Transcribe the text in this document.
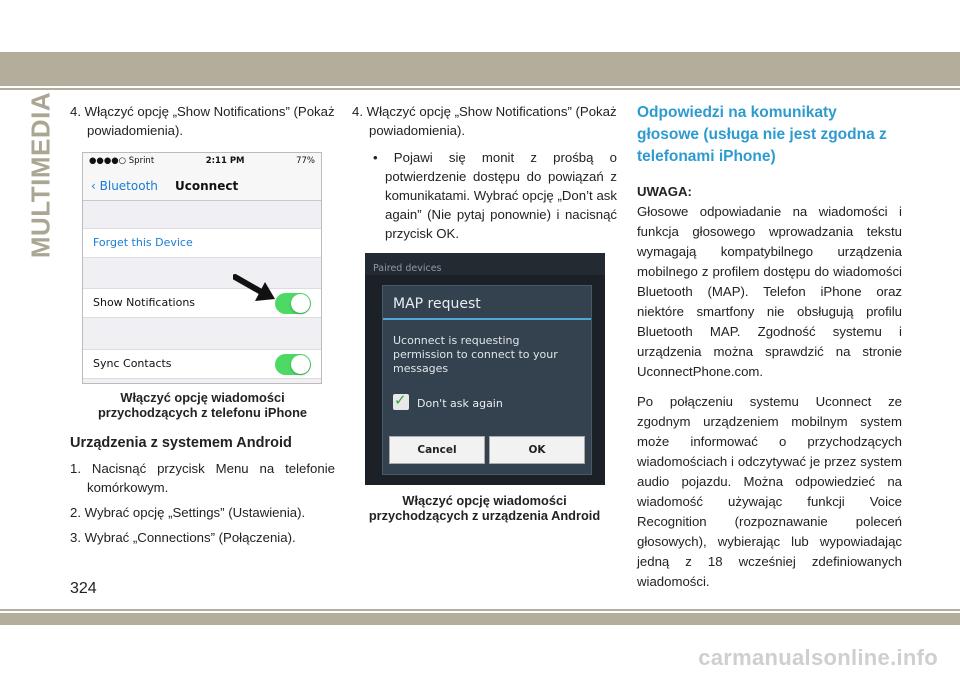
MULTIMEDIA 4. Włączyć opcję „Show Notifications” (Pokaż powiadomienia).

●●●●○ Sprint	2:11 PM	77%
‹ Bluetooth Uconnect
Forget this Device
Show Notifications
Sync Contacts

Włączyć opcję wiadomości przychodzących z telefonu iPhone

Urządzenia z systemem Android

1. Nacisnąć przycisk Menu na telefonie komórkowym.

2. Wybrać opcję „Settings” (Ustawienia).

3. Wybrać „Connections” (Połączenia).

4. Włączyć opcję „Show Notifications” (Pokaż powiadomienia).

• Pojawi się monit z prośbą o potwierdzenie dostępu do powiązań z komunikatami. Wybrać opcję „Don’t ask again” (Nie pytaj ponownie) i nacisnąć przycisk OK.

Paired devices
MAP request
Uconnect is requesting permission to connect to your messages
✓
Don't ask again
Cancel	OK

Włączyć opcję wiadomości przychodzących z urządzenia Android

Odpowiedzi na komunikaty głosowe (usługa nie jest zgodna z telefonami iPhone)

UWAGA:

Głosowe odpowiadanie na wiadomości i funkcja głosowego wprowadzania tekstu wymagają kompatybilnego urządzenia mobilnego z profilem dostępu do wiadomości Bluetooth (MAP). Telefon iPhone oraz niektóre smartfony nie obsługują profilu Bluetooth MAP. Zgodność systemu i urządzenia można sprawdzić na stronie UconnectPhone.com.

Po połączeniu systemu Uconnect ze zgodnym urządzeniem mobilnym system może informować o przychodzących wiadomościach i odczytywać je przez system audio pojazdu. Można odpowiedzieć na wiadomość używając funkcji Voice Recognition (rozpoznawanie poleceń głosowych), wybierając lub wypowiadając jedną z 18 wcześniej zdefiniowanych wiadomości.

324
carmanualsonline.info
